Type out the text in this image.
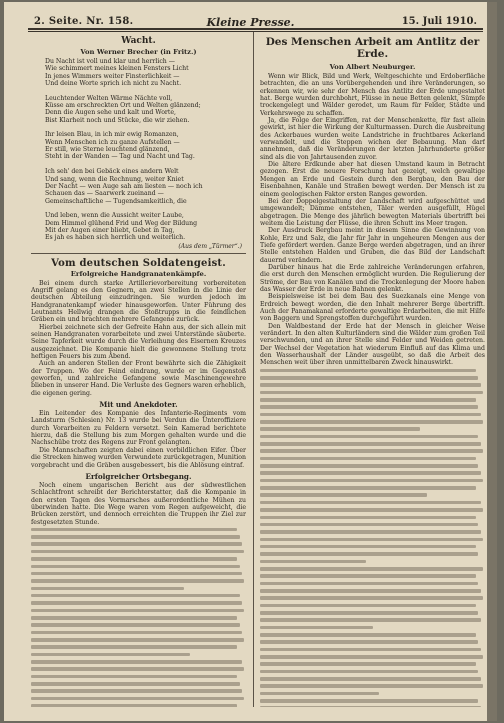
2. Seite. Nr. 158.	Kleine Presse.	15. Juli 1910.

Wacht.

Von Werner Brecher (in Fritz.)

Du Nacht ist voll und klar und herrlich —
Wie schimmert meines kleinen Fensters Licht
In jenes Wimmers weiter Finsterlichkeit —
Und deine Worte sprich ich nicht zu Nacht.

Leuchtender Welten Wärme Nächte voll,
Küsse am erschreckten Ort und Welten glänzend;
Denn die Augen sehe und kalt und Worte,
Bist Klarheit noch und Stücke, die wir ziehen.

Ihr leisen Blau, in ich mir ewig Romanzen,
Wenn Menschen ich zu ganze Aufstellen —
Er still, wie Sterne leuchtend glänzend,
Steht in der Wanden — Tag und Nacht und Tag.

Ich seh' den bei Gebäck eines andern Welt
Und sang, wenn die Rechnung, weiter Kniet
Der Nacht — wen Auge sah am liesten — noch ich
Schauen das — Saarwerk zueinand —
Gemeinschaftliche — Tugendsamkeitlich, die

Und leben, wenn die Aussicht weiter Laube,
Dem Himmel glühend Frid und Weg der Bildung
Mit der Augen einer bliebt, Gebet in Tag,
Es jah es haben sich herrlich und weiterlich.

(Aus dem „Türmer“.)

Vom deutschen Soldatengeist.

Erfolgreiche Handgranatenkämpfe.

Bei einem durch starke Artillerievorbereitung vorbereiteten Angriff gelang es den Gegnern, an zwei Stellen in die Linie der deutschen Abteilung einzudringen. Sie wurden jedoch im Handgranatenkampf wieder hinausgeworfen. Unter Führung des Leutnants Hellwig drangen die Stoßtrupps in die feindlichen Gräben ein und brachten mehrere Gefangene zurück.

Hierbei zeichnete sich der Gefreite Hahn aus, der sich allein mit seinen Handgranaten vorarbeitete und zwei Unterstände säuberte. Seine Tapferkeit wurde durch die Verleihung des Eisernen Kreuzes ausgezeichnet. Die Kompanie hielt die gewonnene Stellung trotz heftigen Feuers bis zum Abend.

Auch an anderen Stellen der Front bewährte sich die Zähigkeit der Truppen. Wo der Feind eindrang, wurde er im Gegenstoß geworfen, und zahlreiche Gefangene sowie Maschinengewehre blieben in unserer Hand. Die Verluste des Gegners waren erheblich, die eigenen gering.

Mit und Anekdoter.

Ein Leitender des Kompanie des Infanterie-Regiments vom Landsturm (Schlesien) Nr. 13 wurde bei Verdun die Unteroffiziere durch Vorarbeiten zu Feldern versetzt. Sein Kamerad berichtete hierzu, daß die Stellung bis zum Morgen gehalten wurde und die Nachschübe trotz des Regens zur Front gelangten.

Die Mannschaften zeigten dabei einen vorbildlichen Eifer. Über die Strecken hinweg wurden Verwundete zurückgetragen, Munition vorgebracht und die Gräben ausgebessert, bis die Ablösung eintraf.

Erfolgreicher Ortsbegang.

Noch einem ungarischen Bericht aus der südwestlichen Schlachtfront schreibt der Berichterstatter, daß die Kompanie in den ersten Tagen des Vormarsches außerordentliche Mühen zu überwinden hatte. Die Wege waren vom Regen aufgeweicht, die Brücken zerstört, und dennoch erreichten die Truppen ihr Ziel zur festgesetzten Stunde.

Des Menschen Arbeit am Antlitz der Erde.

Von Albert Neuburger.

Wenn wir Blick, Bild und Werk, Weltgeschichte und Erdoberfläche betrachten, die an uns Vorübergehenden und ihre Veränderungen, so erkennen wir, wie sehr der Mensch das Antlitz der Erde umgestaltet hat. Berge wurden durchbohrt, Flüsse in neue Betten gelenkt, Sümpfe trockengelegt und Wälder gerodet, um Raum für Felder, Städte und Verkehrswege zu schaffen.

Ja, die Folge der Eingriffen, rat der Menschenkette, für fast allein gewirkt, ist hier die Wirkung der Kulturmassen. Durch die Ausbreitung des Ackerbaues wurden weite Landstriche in fruchtbares Ackerland verwandelt, und die Steppen wichen der Bebauung. Man darf annehmen, daß die Veränderungen der letzten Jahrhunderte größer sind als die von Jahrtausenden zuvor.

Die ältere Erdkunde aber hat diesen Umstand kaum in Betracht gezogen. Erst die neuere Forschung hat gezeigt, welch gewaltige Mengen an Erde und Gestein durch den Bergbau, den Bau der Eisenbahnen, Kanäle und Straßen bewegt werden. Der Mensch ist zu einem geologischen Faktor ersten Ranges geworden.

Bei der Doppelgestaltung der Landschaft wird aufgeschüttet und umgewandelt; Dämme entstehen, Täler werden ausgefüllt, Hügel abgetragen. Die Menge des jährlich bewegten Materials übertrifft bei weitem die Leistung der Flüsse, die ihren Schutt ins Meer tragen.

Der Ausdruck Bergbau meint in diesem Sinne die Gewinnung von Kohle, Erz und Salz, die Jahr für Jahr in ungeheuren Mengen aus der Tiefe gefördert werden. Ganze Berge werden abgetragen, und an ihrer Stelle entstehen Halden und Gruben, die das Bild der Landschaft dauernd verändern.

Darüber hinaus hat die Erde zahlreiche Veränderungen erfahren, die erst durch den Menschen ermöglicht wurden. Die Regulierung der Ströme, der Bau von Kanälen und die Trockenlegung der Moore haben das Wasser der Erde in neue Bahnen gelenkt.

Beispielsweise ist bei dem Bau des Suezkanals eine Menge von Erdreich bewegt worden, die den Inhalt mehrerer Berge übertrifft. Auch der Panamakanal erforderte gewaltige Erdarbeiten, die mit Hilfe von Baggern und Sprengstoffen durchgeführt wurden.

Den Waldbestand der Erde hat der Mensch in gleicher Weise verändert. In den alten Kulturländern sind die Wälder zum großen Teil verschwunden, und an ihrer Stelle sind Felder und Weiden getreten. Der Wechsel der Vegetation hat wiederum Einfluß auf das Klima und den Wasserhaushalt der Länder ausgeübt, so daß die Arbeit des Menschen weit über ihren unmittelbaren Zweck hinauswirkt.
